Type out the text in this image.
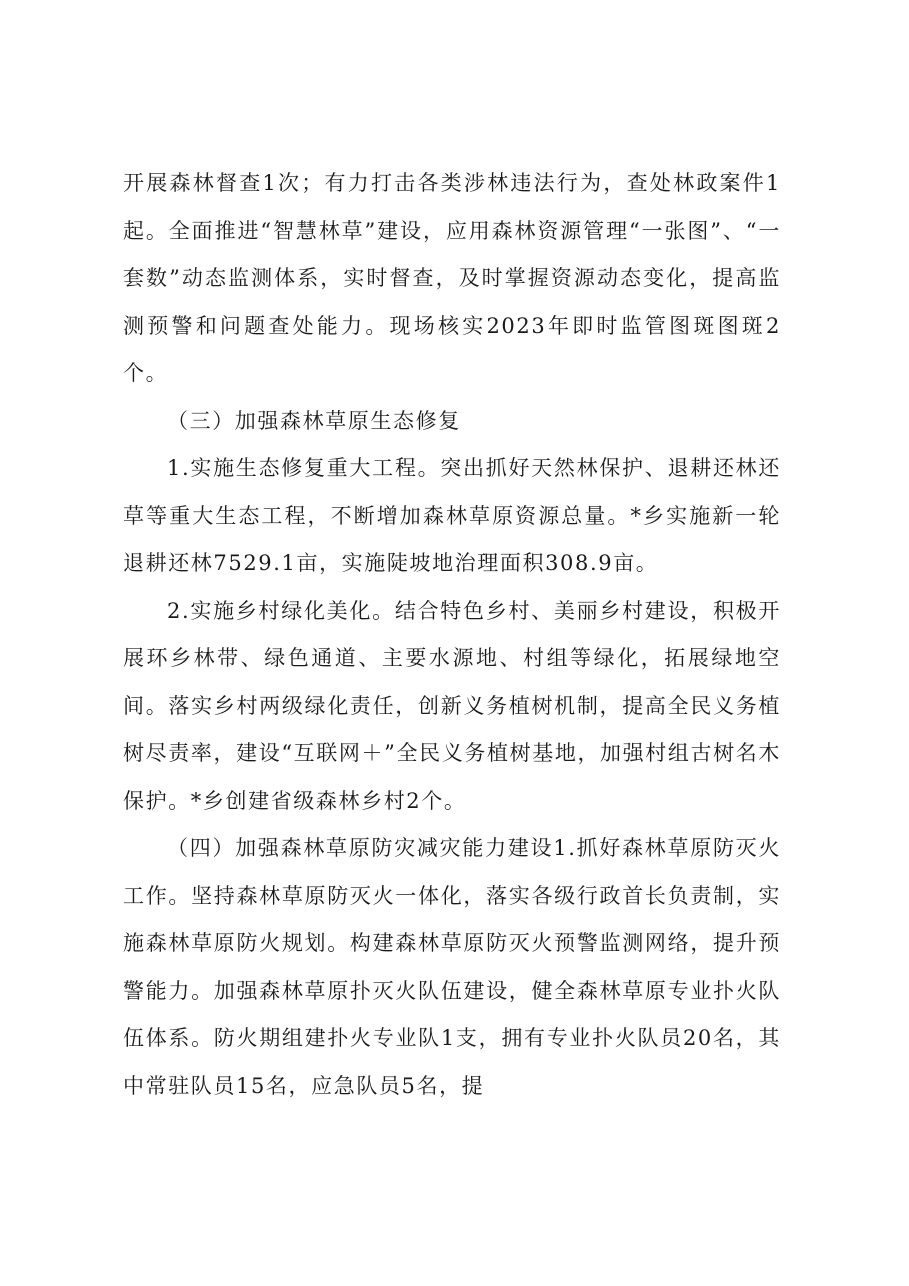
开展森林督查1次；有力打击各类涉林违法行为，查处林政案件1起。全面推进“智慧林草”建设，应用森林资源管理“一张图”、“一套数”动态监测体系，实时督查，及时掌握资源动态变化，提高监测预警和问题查处能力。现场核实2023年即时监管图斑图斑2个。

（三）加强森林草原生态修复

1.实施生态修复重大工程。突出抓好天然林保护、退耕还林还草等重大生态工程，不断增加森林草原资源总量。*乡实施新一轮退耕还林7529.1亩，实施陡坡地治理面积308.9亩。

2.实施乡村绿化美化。结合特色乡村、美丽乡村建设，积极开展环乡林带、绿色通道、主要水源地、村组等绿化，拓展绿地空间。落实乡村两级绿化责任，创新义务植树机制，提高全民义务植树尽责率，建设“互联网＋”全民义务植树基地，加强村组古树名木保护。*乡创建省级森林乡村2个。

（四）加强森林草原防灾减灾能力建设1.抓好森林草原防灭火工作。坚持森林草原防灭火一体化，落实各级行政首长负责制，实施森林草原防火规划。构建森林草原防灭火预警监测网络，提升预警能力。加强森林草原扑灭火队伍建设，健全森林草原专业扑火队伍体系。防火期组建扑火专业队1支，拥有专业扑火队员20名，其中常驻队员15名，应急队员5名，提
